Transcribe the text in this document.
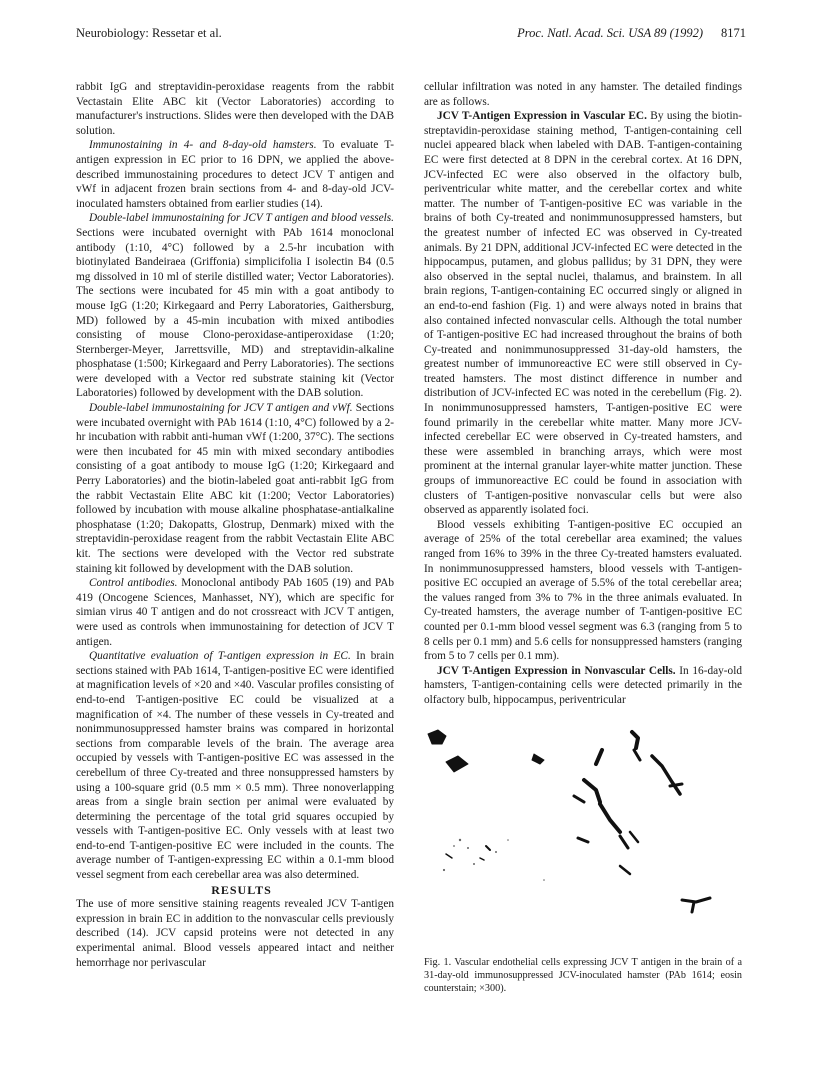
Neurobiology: Ressetar et al.	Proc. Natl. Acad. Sci. USA 89 (1992) 8171

rabbit IgG and streptavidin-peroxidase reagents from the rabbit Vectastain Elite ABC kit (Vector Laboratories) according to manufacturer's instructions. Slides were then developed with the DAB solution.

Immunostaining in 4- and 8-day-old hamsters. To evaluate T-antigen expression in EC prior to 16 DPN, we applied the above-described immunostaining procedures to detect JCV T antigen and vWf in adjacent frozen brain sections from 4- and 8-day-old JCV-inoculated hamsters obtained from earlier studies (14).

Double-label immunostaining for JCV T antigen and blood vessels. Sections were incubated overnight with PAb 1614 monoclonal antibody (1:10, 4°C) followed by a 2.5-hr incubation with biotinylated Bandeiraea (Griffonia) simplicifolia I isolectin B4 (0.5 mg dissolved in 10 ml of sterile distilled water; Vector Laboratories). The sections were incubated for 45 min with a goat antibody to mouse IgG (1:20; Kirkegaard and Perry Laboratories, Gaithersburg, MD) followed by a 45-min incubation with mixed antibodies consisting of mouse Clono-peroxidase-antiperoxidase (1:20; Sternberger-Meyer, Jarrettsville, MD) and streptavidin-alkaline phosphatase (1:500; Kirkegaard and Perry Laboratories). The sections were developed with a Vector red substrate staining kit (Vector Laboratories) followed by development with the DAB solution.

Double-label immunostaining for JCV T antigen and vWf. Sections were incubated overnight with PAb 1614 (1:10, 4°C) followed by a 2-hr incubation with rabbit anti-human vWf (1:200, 37°C). The sections were then incubated for 45 min with mixed secondary antibodies consisting of a goat antibody to mouse IgG (1:20; Kirkegaard and Perry Laboratories) and the biotin-labeled goat anti-rabbit IgG from the rabbit Vectastain Elite ABC kit (1:200; Vector Laboratories) followed by incubation with mouse alkaline phosphatase-antialkaline phosphatase (1:20; Dakopatts, Glostrup, Denmark) mixed with the streptavidin-peroxidase reagent from the rabbit Vectastain Elite ABC kit. The sections were developed with the Vector red substrate staining kit followed by development with the DAB solution.

Control antibodies. Monoclonal antibody PAb 1605 (19) and PAb 419 (Oncogene Sciences, Manhasset, NY), which are specific for simian virus 40 T antigen and do not crossreact with JCV T antigen, were used as controls when immunostaining for detection of JCV T antigen.

Quantitative evaluation of T-antigen expression in EC. In brain sections stained with PAb 1614, T-antigen-positive EC were identified at magnification levels of ×20 and ×40. Vascular profiles consisting of end-to-end T-antigen-positive EC could be visualized at a magnification of ×4. The number of these vessels in Cy-treated and nonimmunosuppressed hamster brains was compared in horizontal sections from comparable levels of the brain. The average area occupied by vessels with T-antigen-positive EC was assessed in the cerebellum of three Cy-treated and three nonsuppressed hamsters by using a 100-square grid (0.5 mm × 0.5 mm). Three nonoverlapping areas from a single brain section per animal were evaluated by determining the percentage of the total grid squares occupied by vessels with T-antigen-positive EC. Only vessels with at least two end-to-end T-antigen-positive EC were included in the counts. The average number of T-antigen-expressing EC within a 0.1-mm blood vessel segment from each cerebellar area was also determined.

RESULTS

The use of more sensitive staining reagents revealed JCV T-antigen expression in brain EC in addition to the nonvascular cells previously described (14). JCV capsid proteins were not detected in any experimental animal. Blood vessels appeared intact and neither hemorrhage nor perivascular

cellular infiltration was noted in any hamster. The detailed findings are as follows.

JCV T-Antigen Expression in Vascular EC. By using the biotin-streptavidin-peroxidase staining method, T-antigen-containing cell nuclei appeared black when labeled with DAB. T-antigen-containing EC were first detected at 8 DPN in the cerebral cortex. At 16 DPN, JCV-infected EC were also observed in the olfactory bulb, periventricular white matter, and the cerebellar cortex and white matter. The number of T-antigen-positive EC was variable in the brains of both Cy-treated and nonimmunosuppressed hamsters, but the greatest number of infected EC was observed in Cy-treated animals. By 21 DPN, additional JCV-infected EC were detected in the hippocampus, putamen, and globus pallidus; by 31 DPN, they were also observed in the septal nuclei, thalamus, and brainstem. In all brain regions, T-antigen-containing EC occurred singly or aligned in an end-to-end fashion (Fig. 1) and were always noted in brains that also contained infected nonvascular cells. Although the total number of T-antigen-positive EC had increased throughout the brains of both Cy-treated and nonimmunosuppressed 31-day-old hamsters, the greatest number of immunoreactive EC were still observed in Cy-treated hamsters. The most distinct difference in number and distribution of JCV-infected EC was noted in the cerebellum (Fig. 2). In nonimmunosuppressed hamsters, T-antigen-positive EC were found primarily in the cerebellar white matter. Many more JCV-infected cerebellar EC were observed in Cy-treated hamsters, and these were assembled in branching arrays, which were most prominent at the internal granular layer-white matter junction. These groups of immunoreactive EC could be found in association with clusters of T-antigen-positive nonvascular cells but were also observed as apparently isolated foci.

Blood vessels exhibiting T-antigen-positive EC occupied an average of 25% of the total cerebellar area examined; the values ranged from 16% to 39% in the three Cy-treated hamsters evaluated. In nonimmunosuppressed hamsters, blood vessels with T-antigen-positive EC occupied an average of 5.5% of the total cerebellar area; the values ranged from 3% to 7% in the three animals evaluated. In Cy-treated hamsters, the average number of T-antigen-positive EC counted per 0.1-mm blood vessel segment was 6.3 (ranging from 5 to 8 cells per 0.1 mm) and 5.6 cells for nonsuppressed hamsters (ranging from 5 to 7 cells per 0.1 mm).

JCV T-Antigen Expression in Nonvascular Cells. In 16-day-old hamsters, T-antigen-containing cells were detected primarily in the olfactory bulb, hippocampus, periventricular

Fig. 1. Vascular endothelial cells expressing JCV T antigen in the brain of a 31-day-old immunosuppressed JCV-inoculated hamster (PAb 1614; eosin counterstain; ×300).
